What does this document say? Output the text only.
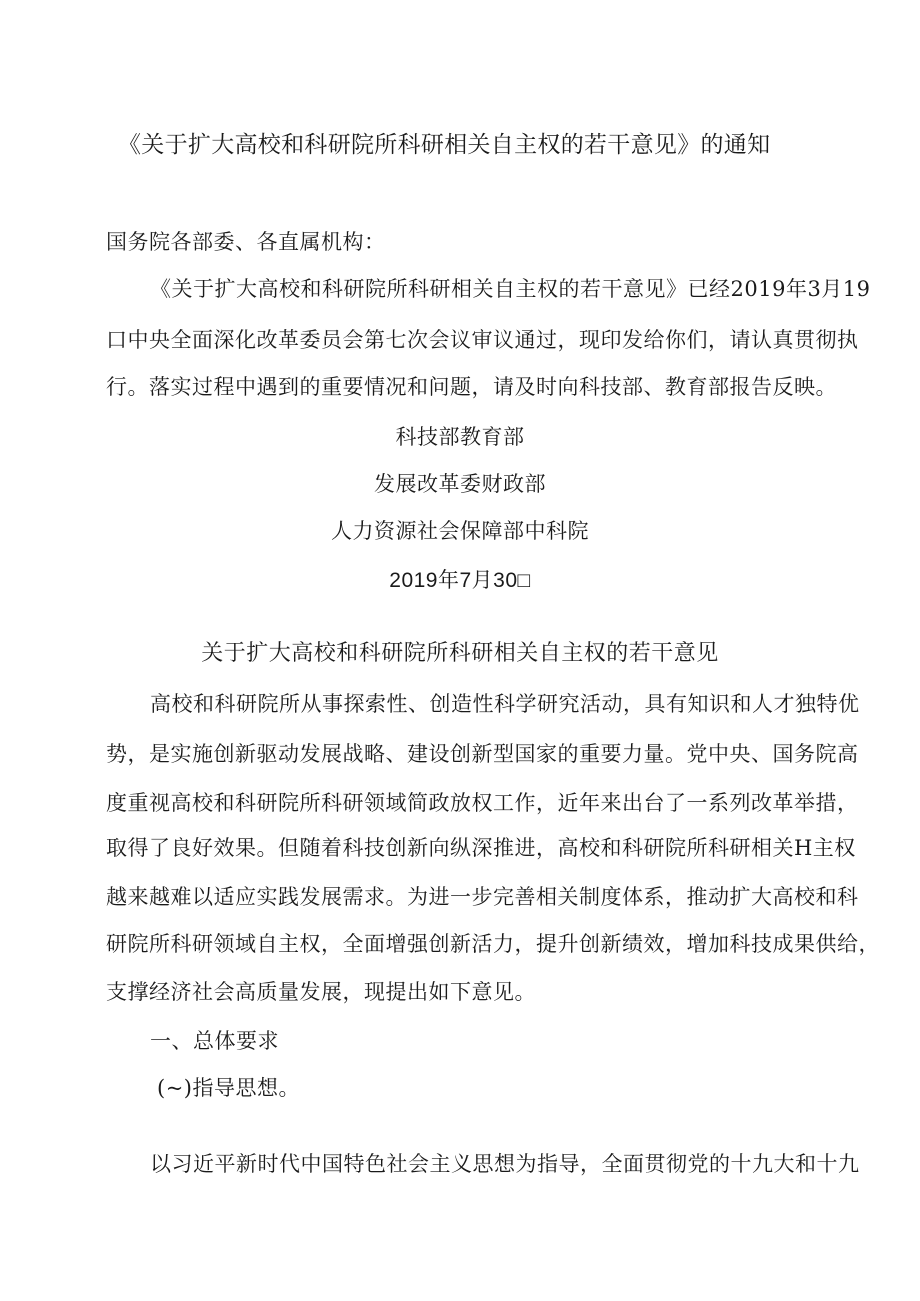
《关于扩大高校和科研院所科研相关自主权的若干意见》的通知
国务院各部委、各直属机构：
《关于扩大高校和科研院所科研相关自主权的若干意见》已经2019年3月19
口中央全面深化改革委员会第七次会议审议通过，现印发给你们，请认真贯彻执
行。落实过程中遇到的重要情况和问题，请及时向科技部、教育部报告反映。
科技部教育部
发展改革委财政部
人力资源社会保障部中科院
2019年7月30□
关于扩大高校和科研院所科研相关自主权的若干意见
高校和科研院所从事探索性、创造性科学研究活动，具有知识和人才独特优
势，是实施创新驱动发展战略、建设创新型国家的重要力量。党中央、国务院高
度重视高校和科研院所科研领域简政放权工作，近年来出台了一系列改革举措，
取得了良好效果。但随着科技创新向纵深推进，高校和科研院所科研相关H主权
越来越难以适应实践发展需求。为进一步完善相关制度体系，推动扩大高校和科
研院所科研领域自主权，全面增强创新活力，提升创新绩效，增加科技成果供给，
支撑经济社会高质量发展，现提出如下意见。
一、总体要求
(~)指导思想。
以习近平新时代中国特色社会主义思想为指导，全面贯彻党的十九大和十九
